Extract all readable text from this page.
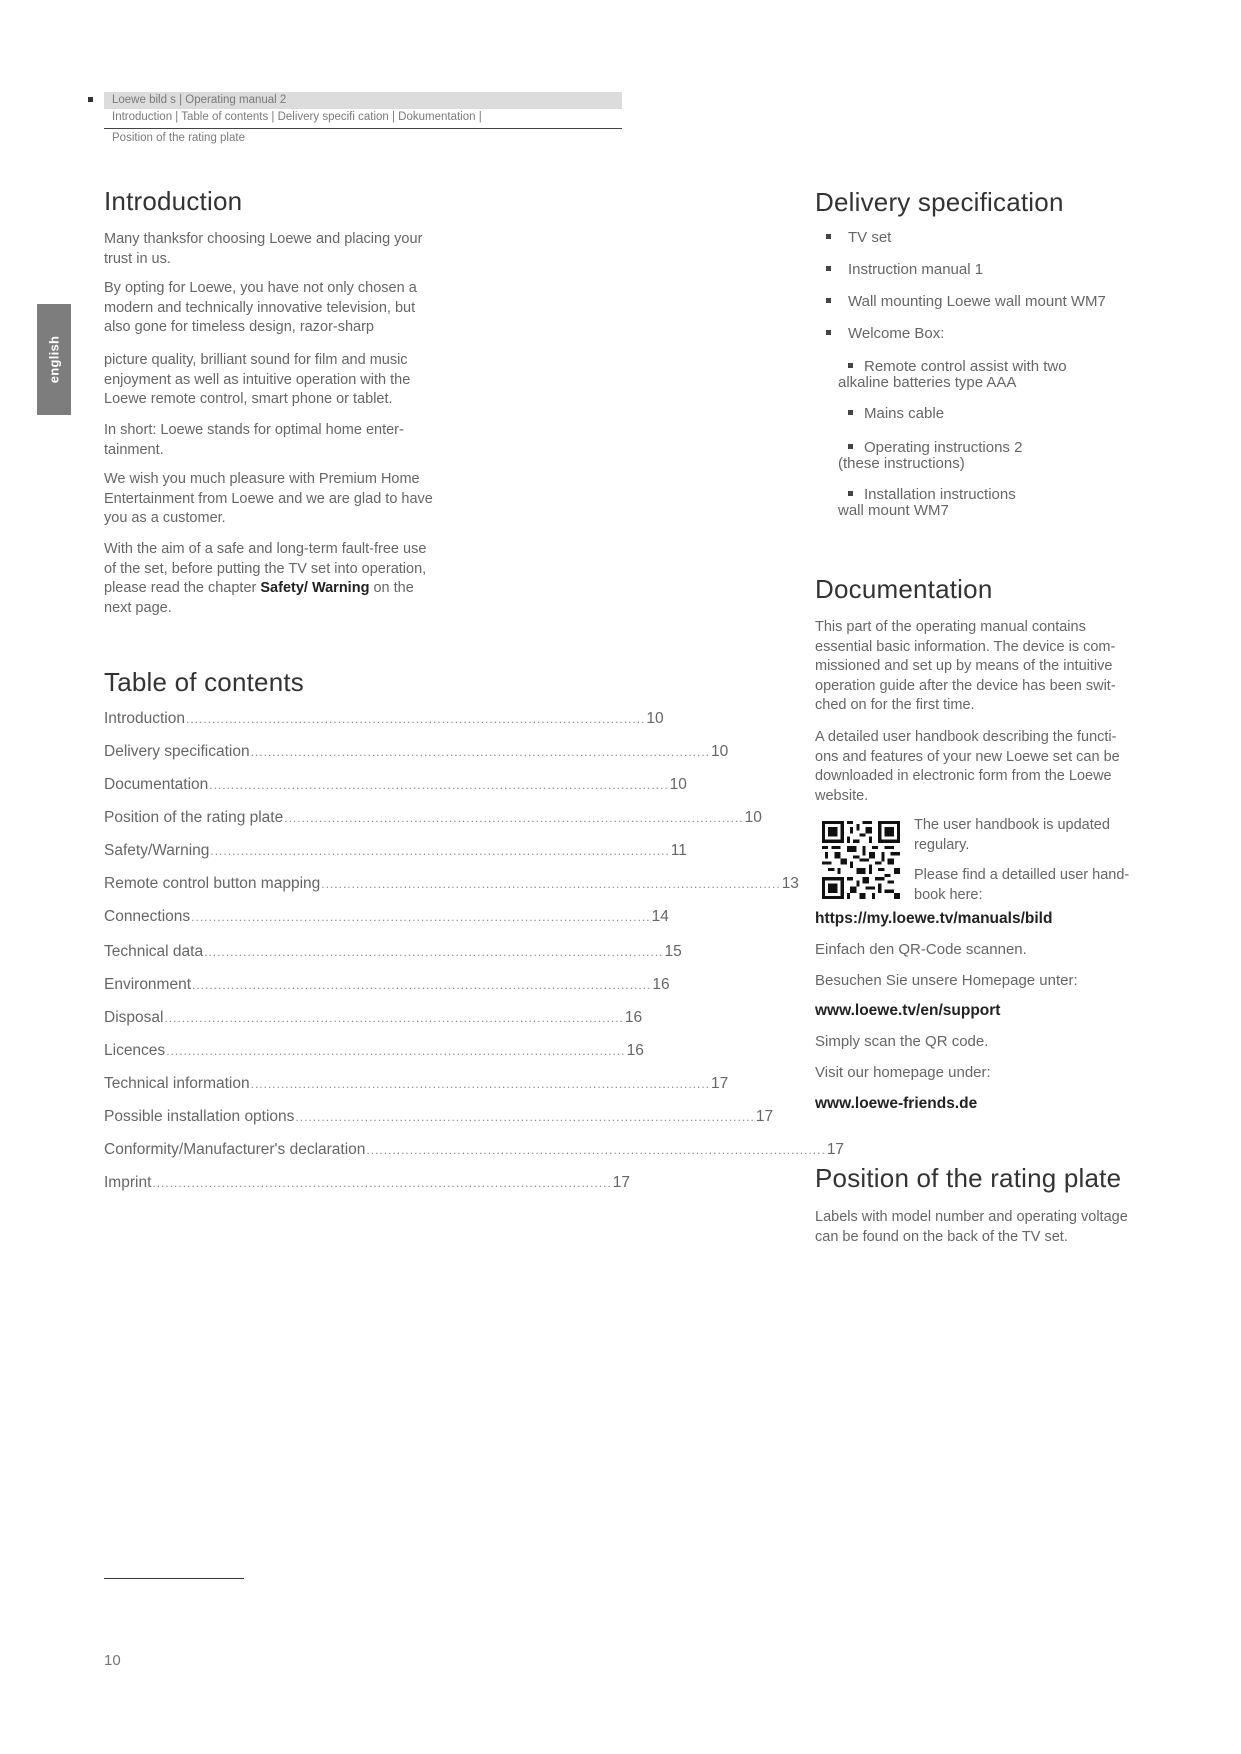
Loewe bild s | Operating manual 2
Introduction | Table of contents | Delivery specifi cation | Dokumentation |
Position of the rating plate
english
Introduction

Many thanksfor choosing Loewe and placing your trust in us.

By opting for Loewe, you have not only chosen a modern and technically innovative television, but also gone for timeless design, razor-sharp

picture quality, brilliant sound for film and music enjoyment as well as intuitive operation with the Loewe remote control, smart phone or tablet.

In short: Loewe stands for optimal home enter- tainment.

We wish you much pleasure with Premium Home Entertainment from Loewe and we are glad to have you as a customer.

With the aim of a safe and long-term fault-free use of the set, before putting the TV set into operation, please read the chapter Safety/ Warning on the next page.

Table of contents
Introduction .......................................................................................................... 10
Delivery specification .......................................................................................................... 10
Documentation .......................................................................................................... 10
Position of the rating plate .......................................................................................................... 10
Safety/Warning .......................................................................................................... 11
Remote control button mapping .......................................................................................................... 13
Connections .......................................................................................................... 14
Technical data .......................................................................................................... 15
Environment .......................................................................................................... 16
Disposal .......................................................................................................... 16
Licences .......................................................................................................... 16
Technical information .......................................................................................................... 17
Possible installation options .......................................................................................................... 17
Conformity/Manufacturer's declaration .......................................................................................................... 17
Imprint .......................................................................................................... 17
10
Delivery specification
TV set
Instruction manual 1
Wall mounting Loewe wall mount WM7
Welcome Box:
Remote control assist with two
alkaline batteries type AAA
Mains cable
Operating instructions 2
(these instructions)
Installation instructions
wall mount WM7
Documentation

This part of the operating manual contains essential basic information. The device is com- missioned and set up by means of the intuitive operation guide after the device has been swit- ched on for the first time.

A detailed user handbook describing the functi- ons and features of your new Loewe set can be downloaded in electronic form from the Loewe website.

The user handbook is updated regulary.

Please find a detailled user hand- book here:

https://my.loewe.tv/manuals/bild
Einfach den QR-Code scannen.
Besuchen Sie unsere Homepage unter:
www.loewe.tv/en/support
Simply scan the QR code.
Visit our homepage under:
www.loewe-friends.de
Position of the rating plate

Labels with model number and operating voltage can be found on the back of the TV set.
